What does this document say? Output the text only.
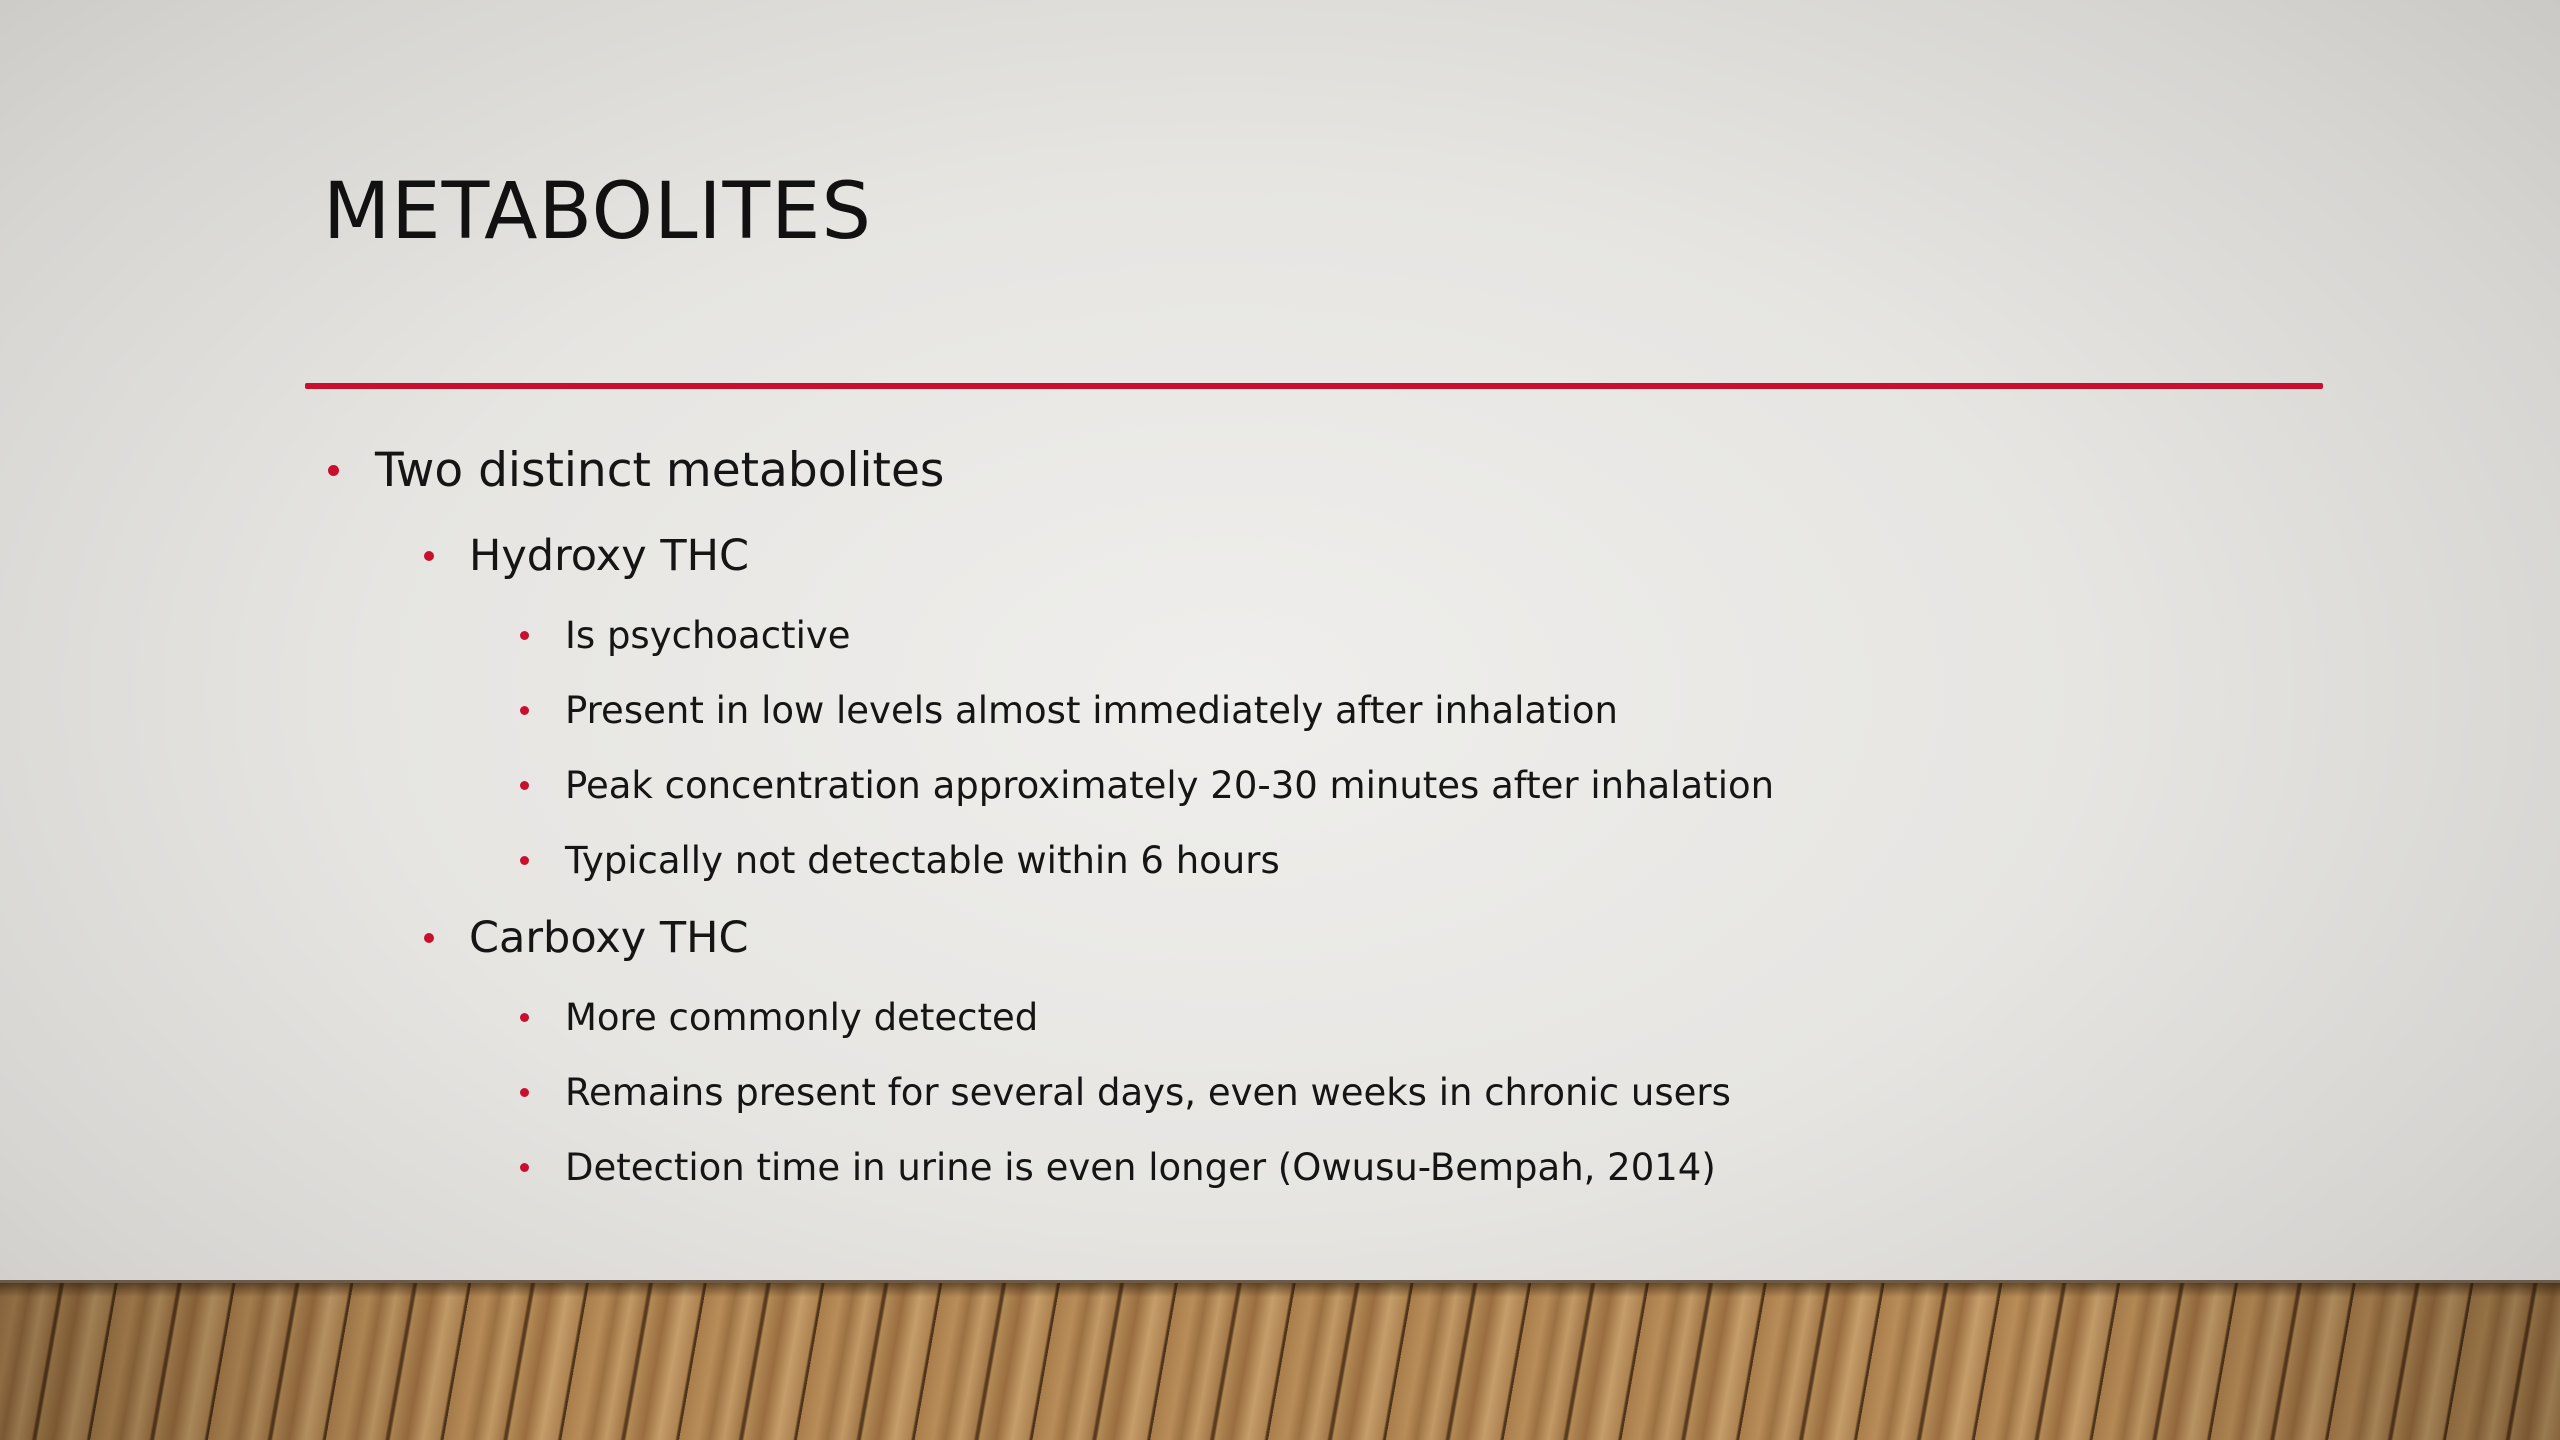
METABOLITES
Two distinct metabolites
Hydroxy THC
Is psychoactive
Present in low levels almost immediately after inhalation
Peak concentration approximately 20-30 minutes after inhalation
Typically not detectable within 6 hours
Carboxy THC
More commonly detected
Remains present for several days, even weeks in chronic users
Detection time in urine is even longer (Owusu-Bempah, 2014)
